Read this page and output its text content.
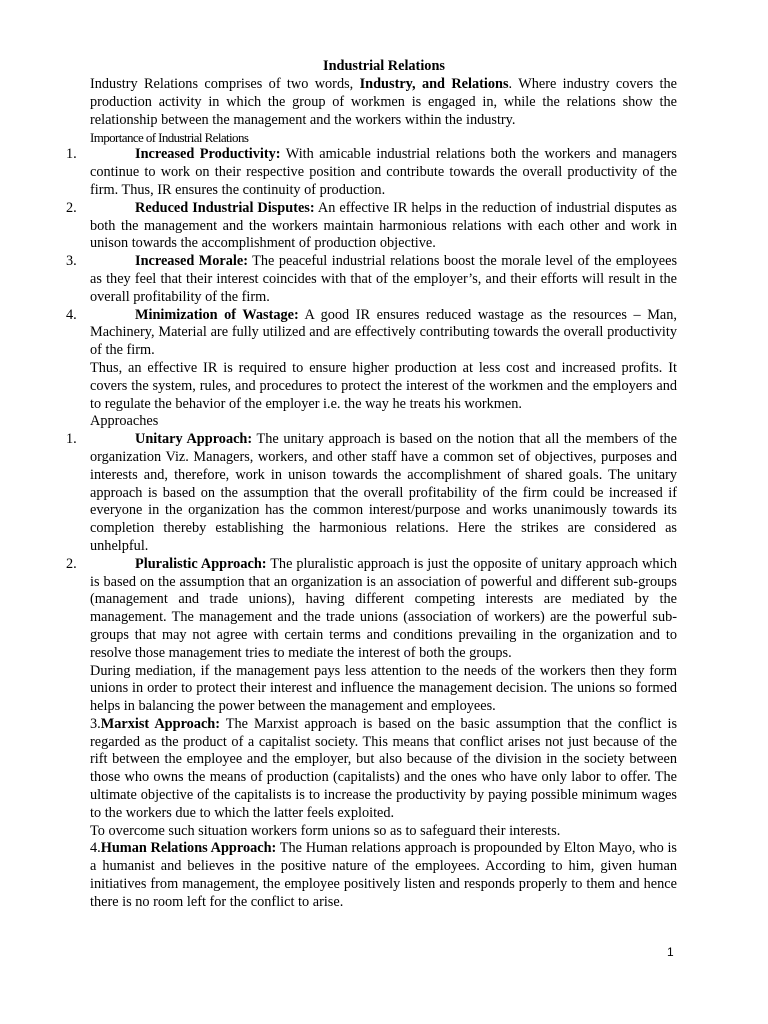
Industrial Relations

Industry Relations comprises of two words, Industry, and Relations. Where industry covers the production activity in which the group of workmen is engaged in, while the relations show the relationship between the management and the workers within the industry.

Importance of Industrial Relations

1.	Increased Productivity: With amicable industrial relations both the workers and managers continue to work on their respective position and contribute towards the overall productivity of the firm. Thus, IR ensures the continuity of production.
2.	Reduced Industrial Disputes: An effective IR helps in the reduction of industrial disputes as both the management and the workers maintain harmonious relations with each other and work in unison towards the accomplishment of production objective.
3.	Increased Morale: The peaceful industrial relations boost the morale level of the employees as they feel that their interest coincides with that of the employer’s, and their efforts will result in the overall profitability of the firm.
4.	Minimization of Wastage: A good IR ensures reduced wastage as the resources – Man, Machinery, Material are fully utilized and are effectively contributing towards the overall productivity of the firm.

Thus, an effective IR is required to ensure higher production at less cost and increased profits. It covers the system, rules, and procedures to protect the interest of the workmen and the employers and to regulate the behavior of the employer i.e. the way he treats his workmen.

Approaches

1.	Unitary Approach: The unitary approach is based on the notion that all the members of the organization Viz. Managers, workers, and other staff have a common set of objectives, purposes and interests and, therefore, work in unison towards the accomplishment of shared goals. The unitary approach is based on the assumption that the overall profitability of the firm could be increased if everyone in the organization has the common interest/purpose and works unanimously towards its completion thereby establishing the harmonious relations. Here the strikes are considered as unhelpful.
2.	Pluralistic Approach: The pluralistic approach is just the opposite of unitary approach which is based on the assumption that an organization is an association of powerful and different sub-groups (management and trade unions), having different competing interests are mediated by the management. The management and the trade unions (association of workers) are the powerful sub-groups that may not agree with certain terms and conditions prevailing in the organization and to resolve those management tries to mediate the interest of both the groups.

During mediation, if the management pays less attention to the needs of the workers then they form unions in order to protect their interest and influence the management decision. The unions so formed helps in balancing the power between the management and employees.

3.Marxist Approach: The Marxist approach is based on the basic assumption that the conflict is regarded as the product of a capitalist society. This means that conflict arises not just because of the rift between the employee and the employer, but also because of the division in the society between those who owns the means of production (capitalists) and the ones who have only labor to offer. The ultimate objective of the capitalists is to increase the productivity by paying possible minimum wages to the workers due to which the latter feels exploited.

To overcome such situation workers form unions so as to safeguard their interests.

4.Human Relations Approach: The Human relations approach is propounded by Elton Mayo, who is a humanist and believes in the positive nature of the employees. According to him, given human initiatives from management, the employee positively listen and responds properly to them and hence there is no room left for the conflict to arise.

1
